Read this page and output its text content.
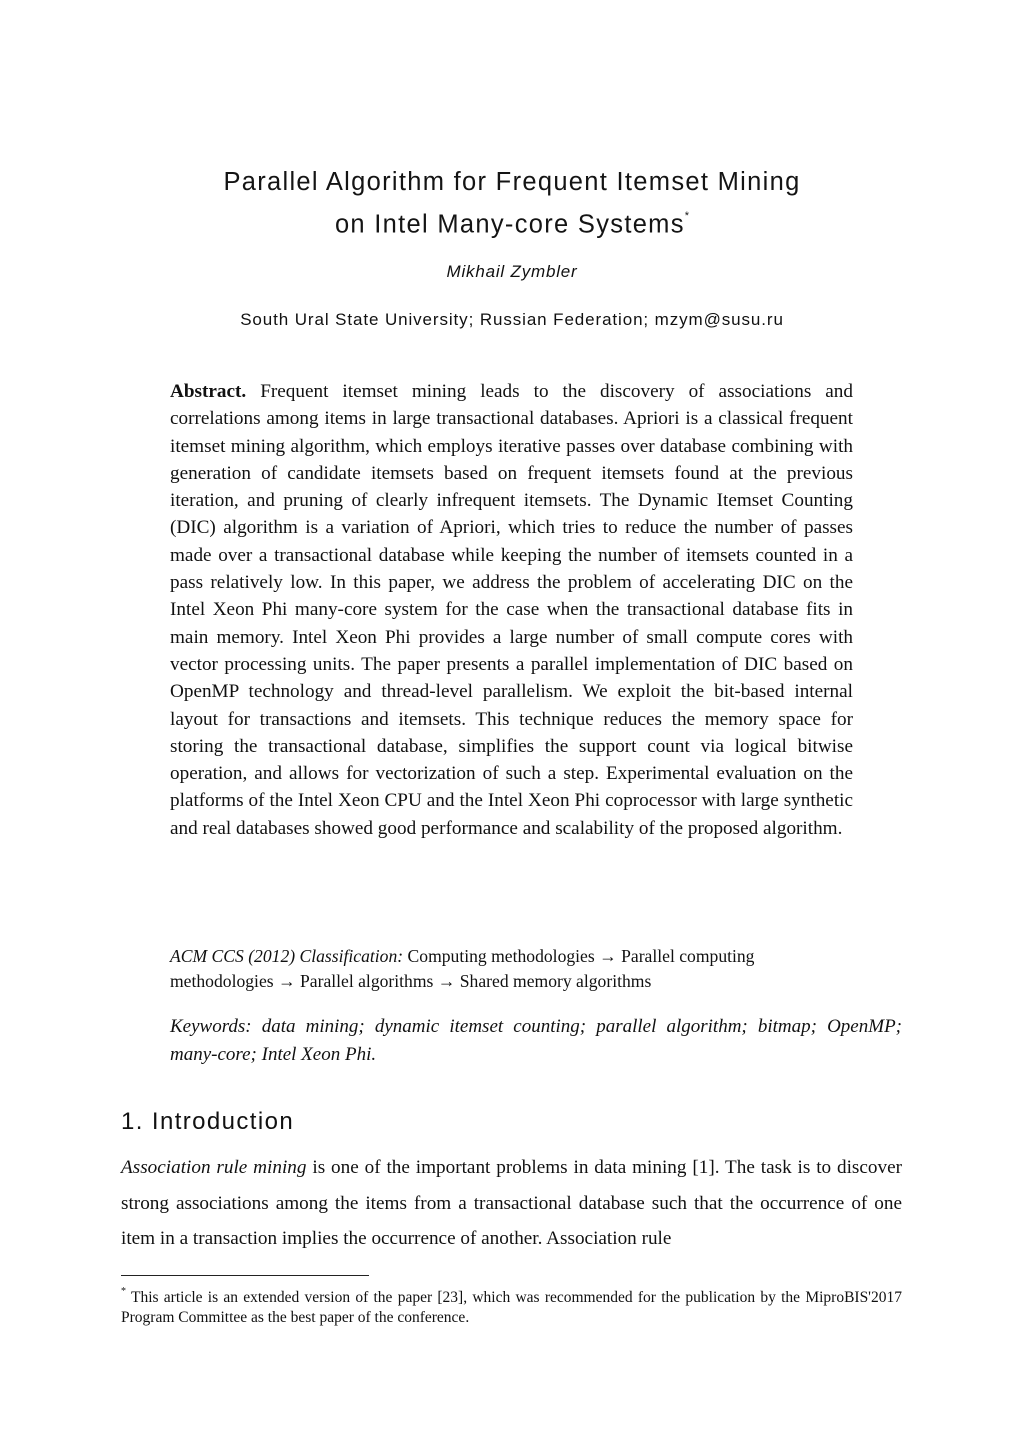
Parallel Algorithm for Frequent Itemset Mining
on Intel Many-core Systems*
Mikhail Zymbler
South Ural State University; Russian Federation; mzym@susu.ru
Abstract. Frequent itemset mining leads to the discovery of associations and correlations among items in large transactional databases. Apriori is a classical frequent itemset mining algorithm, which employs iterative passes over database combining with generation of candidate itemsets based on frequent itemsets found at the previous iteration, and pruning of clearly infrequent itemsets. The Dynamic Itemset Counting (DIC) algorithm is a variation of Apriori, which tries to reduce the number of passes made over a transactional database while keeping the number of itemsets counted in a pass relatively low. In this paper, we address the problem of accelerating DIC on the Intel Xeon Phi many-core system for the case when the transactional database fits in main memory. Intel Xeon Phi provides a large number of small compute cores with vector processing units. The paper presents a parallel implementation of DIC based on OpenMP technology and thread-level parallelism. We exploit the bit-based internal layout for transactions and itemsets. This technique reduces the memory space for storing the transactional database, simplifies the support count via logical bitwise operation, and allows for vectorization of such a step. Experimental evaluation on the platforms of the Intel Xeon CPU and the Intel Xeon Phi coprocessor with large synthetic and real databases showed good performance and scalability of the proposed algorithm.
ACM CCS (2012) Classification: Computing methodologies → Parallel computing
methodologies → Parallel algorithms → Shared memory algorithms
Keywords: data mining; dynamic itemset counting; parallel algorithm; bitmap; OpenMP; many-core; Intel Xeon Phi.
1. Introduction
Association rule mining is one of the important problems in data mining [1]. The task is to discover strong associations among the items from a transactional database such that the occurrence of one item in a transaction implies the occurrence of another. Association rule
* This article is an extended version of the paper [23], which was recommended for the publication by the MiproBIS'2017 Program Committee as the best paper of the conference.
